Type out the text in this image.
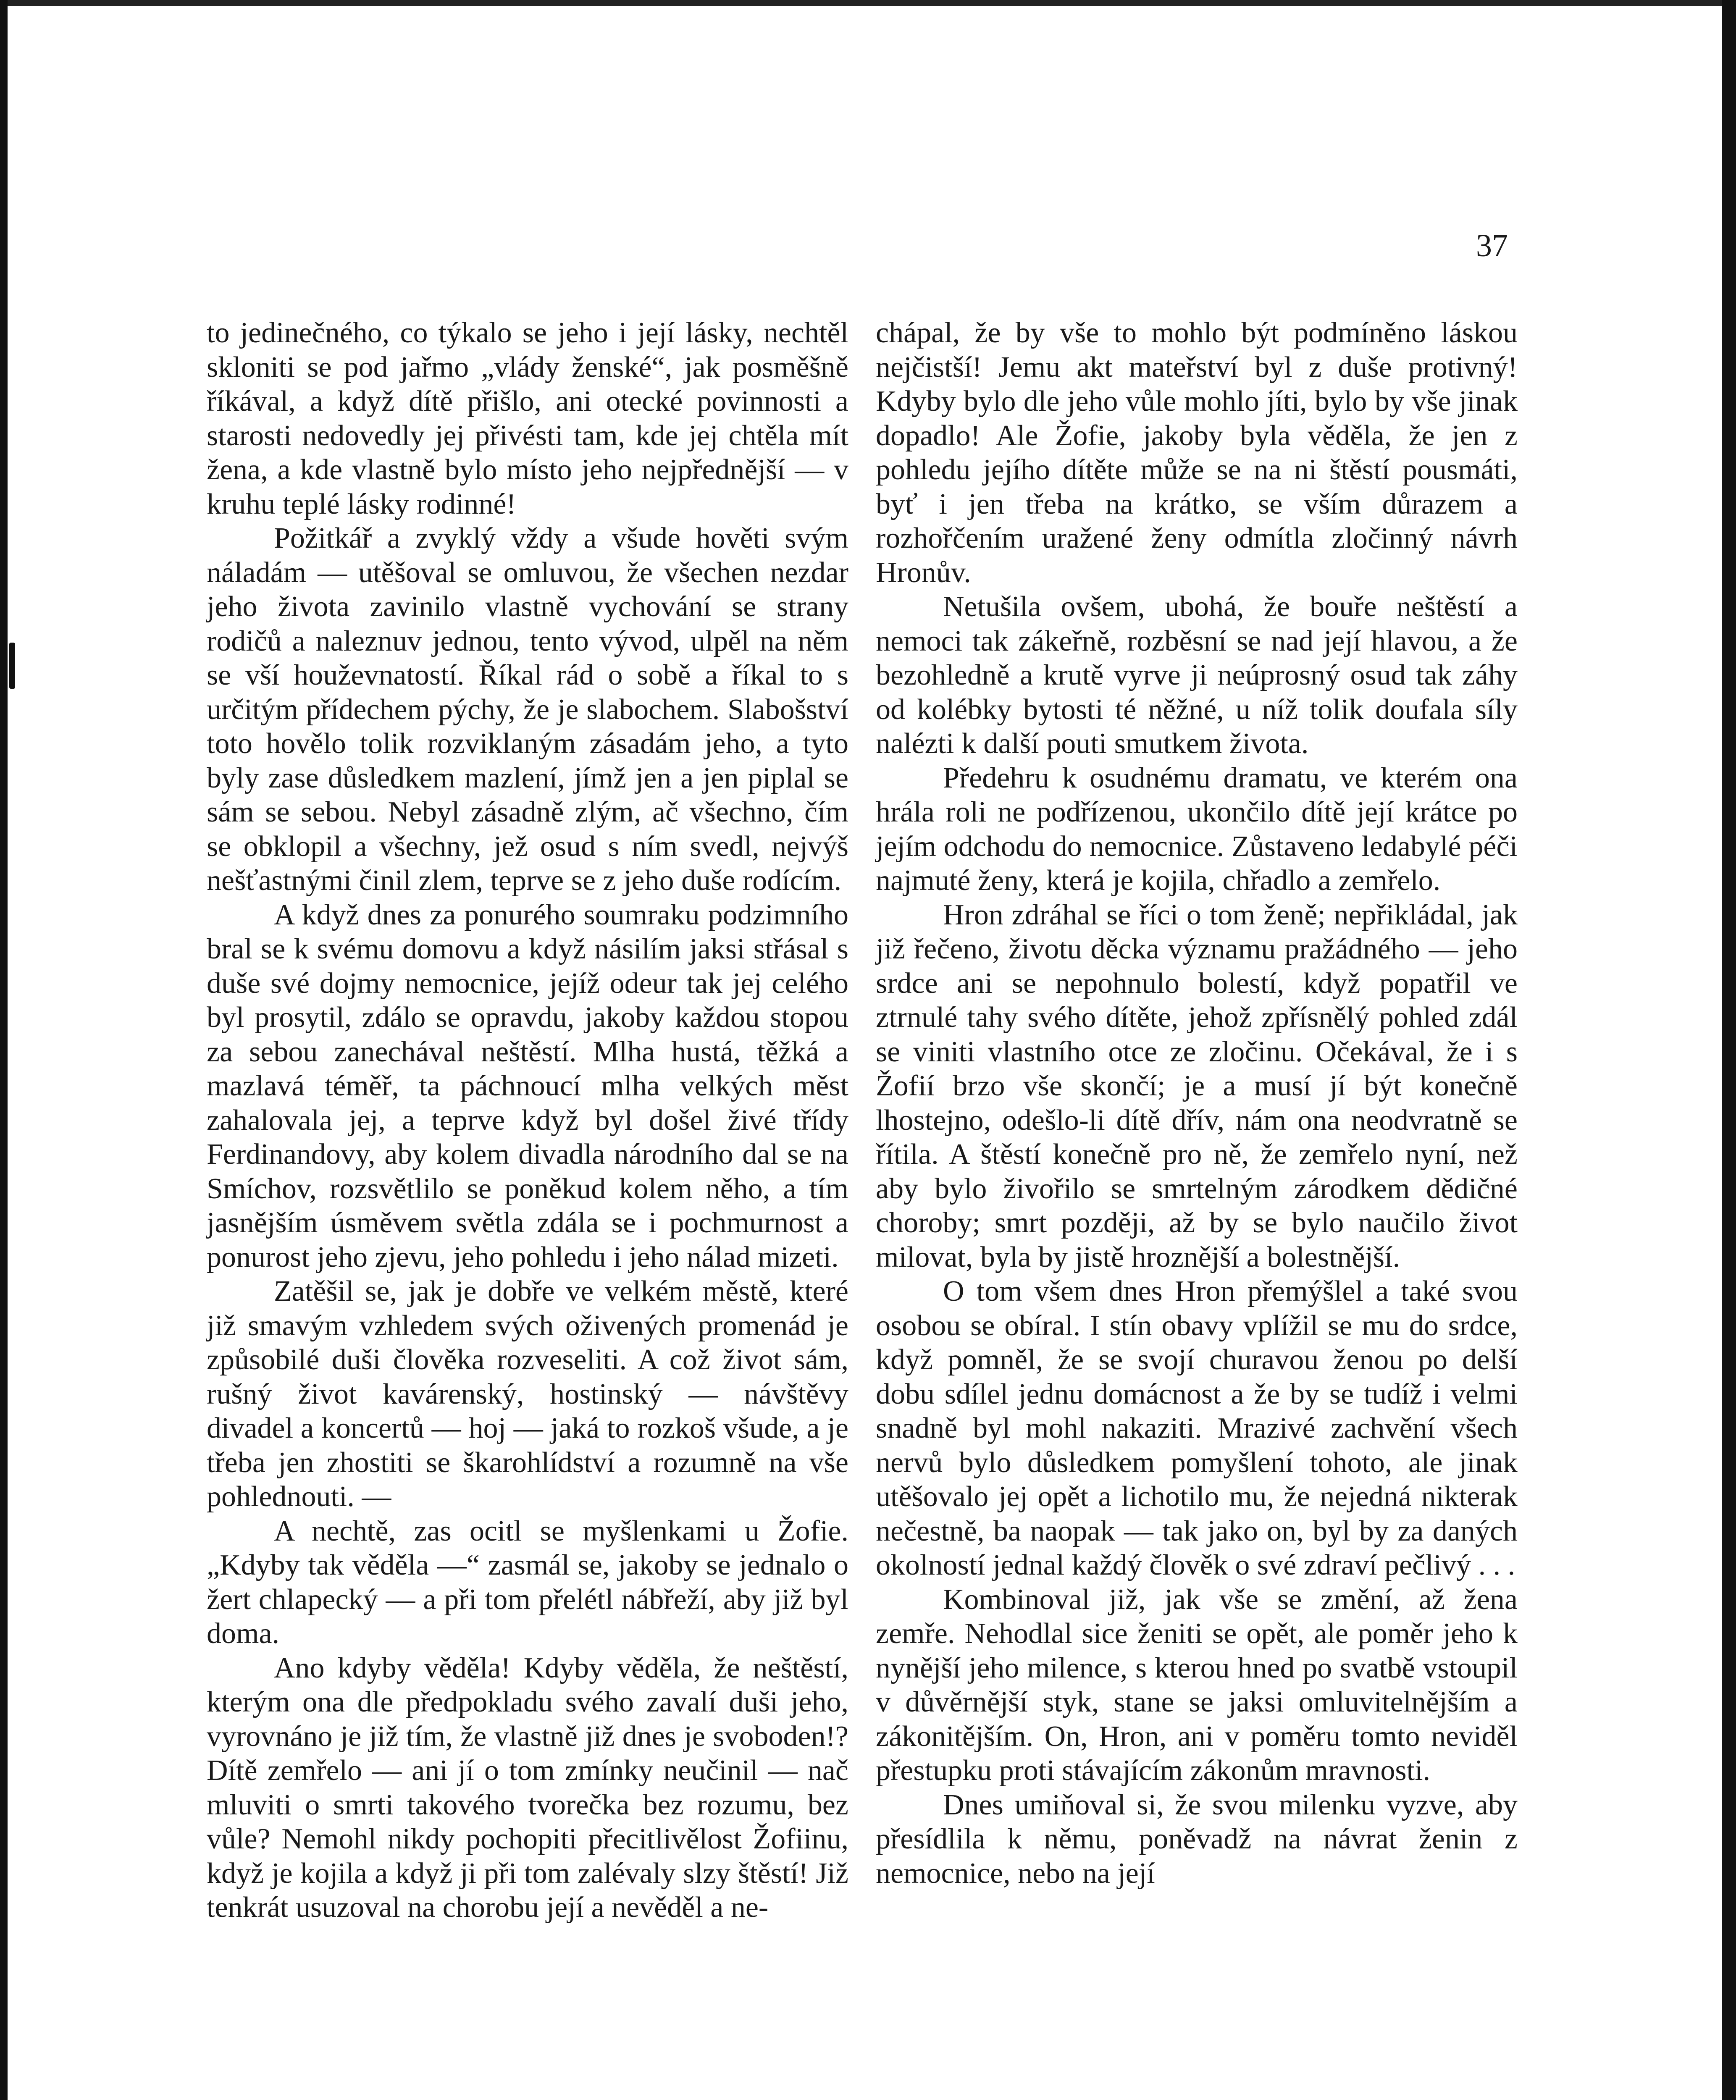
37

to jedinečného, co týkalo se jeho i její lásky, nechtěl skloniti se pod jařmo „vlády ženské“, jak posměšně říkával, a když dítě přišlo, ani otecké povinnosti a starosti nedovedly jej přivésti tam, kde jej chtěla mít žena, a kde vlastně bylo místo jeho nejpřednější — v kruhu teplé lásky rodinné!

Požitkář a zvyklý vždy a všude hověti svým náladám — utěšoval se omluvou, že všechen nezdar jeho života zavinilo vlastně vychování se strany rodičů a naleznuv jednou, tento vývod, ulpěl na něm se vší houževnatostí. Říkal rád o sobě a říkal to s určitým přídechem pýchy, že je slabochem. Slabošství toto hovělo tolik rozviklaným zásadám jeho, a tyto byly zase důsledkem mazlení, jímž jen a jen piplal se sám se sebou. Nebyl zásadně zlým, ač všechno, čím se obklopil a všechny, jež osud s ním svedl, nejvýš nešťastnými činil zlem, teprve se z jeho duše rodícím.

A když dnes za ponurého soumraku podzimního bral se k svému domovu a když násilím jaksi střásal s duše své dojmy nemocnice, jejíž odeur tak jej celého byl prosytil, zdálo se opravdu, jakoby každou stopou za sebou zanechával neštěstí. Mlha hustá, těžká a mazlavá téměř, ta páchnoucí mlha velkých měst zahalovala jej, a teprve když byl došel živé třídy Ferdinandovy, aby kolem divadla národního dal se na Smíchov, rozsvětlilo se poněkud kolem něho, a tím jasnějším úsměvem světla zdála se i pochmurnost a ponurost jeho zjevu, jeho pohledu i jeho nálad mizeti.

Zatěšil se, jak je dobře ve velkém městě, které již smavým vzhledem svých oživených promenád je způsobilé duši člověka rozveseliti. A což život sám, rušný život kavárenský, hostinský — návštěvy divadel a koncertů — hoj — jaká to rozkoš všude, a je třeba jen zhostiti se škarohlídství a rozumně na vše pohlednouti. —

A nechtě, zas ocitl se myšlenkami u Žofie. „Kdyby tak věděla —“ zasmál se, jakoby se jednalo o žert chlapecký — a při tom přelétl nábřeží, aby již byl doma.

Ano kdyby věděla! Kdyby věděla, že neštěstí, kterým ona dle předpokladu svého zavalí duši jeho, vyrovnáno je již tím, že vlastně již dnes je svoboden!? Dítě zemřelo — ani jí o tom zmínky neučinil — nač mluviti o smrti takového tvorečka bez rozumu, bez vůle? Nemohl nikdy pochopiti přecitlivělost Žofiinu, když je kojila a když ji při tom zalévaly slzy štěstí! Již tenkrát usuzoval na chorobu její a nevěděl a ne-

chápal, že by vše to mohlo být podmíněno láskou nejčistší! Jemu akt mateřství byl z duše protivný! Kdyby bylo dle jeho vůle mohlo jíti, bylo by vše jinak dopadlo! Ale Žofie, jakoby byla věděla, že jen z pohledu jejího dítěte může se na ni štěstí pousmáti, byť i jen třeba na krátko, se vším důrazem a rozhořčením uražené ženy odmítla zločinný návrh Hronův.

Netušila ovšem, ubohá, že bouře neštěstí a nemoci tak zákeřně, rozběsní se nad její hlavou, a že bezohledně a krutě vyrve ji neúprosný osud tak záhy od kolébky bytosti té něžné, u níž tolik doufala síly nalézti k další pouti smutkem života.

Předehru k osudnému dramatu, ve kterém ona hrála roli ne podřízenou, ukončilo dítě její krátce po jejím odchodu do nemocnice. Zůstaveno ledabylé péči najmuté ženy, která je kojila, chřadlo a zemřelo.

Hron zdráhal se říci o tom ženě; nepřikládal, jak již řečeno, životu děcka významu pražádného — jeho srdce ani se nepohnulo bolestí, když popatřil ve ztrnulé tahy svého dítěte, jehož zpřísnělý pohled zdál se viniti vlastního otce ze zločinu. Očekával, že i s Žofií brzo vše skončí; je a musí jí být konečně lhostejno, odešlo-li dítě dřív, nám ona neodvratně se řítila. A štěstí konečně pro ně, že zemřelo nyní, než aby bylo živořilo se smrtelným zárodkem dědičné choroby; smrt později, až by se bylo naučilo život milovat, byla by jistě hroznější a bolestnější.

O tom všem dnes Hron přemýšlel a také svou osobou se obíral. I stín obavy vplížil se mu do srdce, když pomněl, že se svojí churavou ženou po delší dobu sdílel jednu domácnost a že by se tudíž i velmi snadně byl mohl nakaziti. Mrazivé zachvění všech nervů bylo důsledkem pomyšlení tohoto, ale jinak utěšovalo jej opět a lichotilo mu, že nejedná nikterak nečestně, ba naopak — tak jako on, byl by za daných okolností jednal každý člověk o své zdraví pečlivý . . .

Kombinoval již, jak vše se změní, až žena zemře. Nehodlal sice ženiti se opět, ale poměr jeho k nynější jeho milence, s kterou hned po svatbě vstoupil v důvěrnější styk, stane se jaksi omluvitelnějším a zákonitějším. On, Hron, ani v poměru tomto neviděl přestupku proti stávajícím zákonům mravnosti.

Dnes umiňoval si, že svou milenku vyzve, aby přesídlila k němu, poněvadž na návrat ženin z nemocnice, nebo na její
